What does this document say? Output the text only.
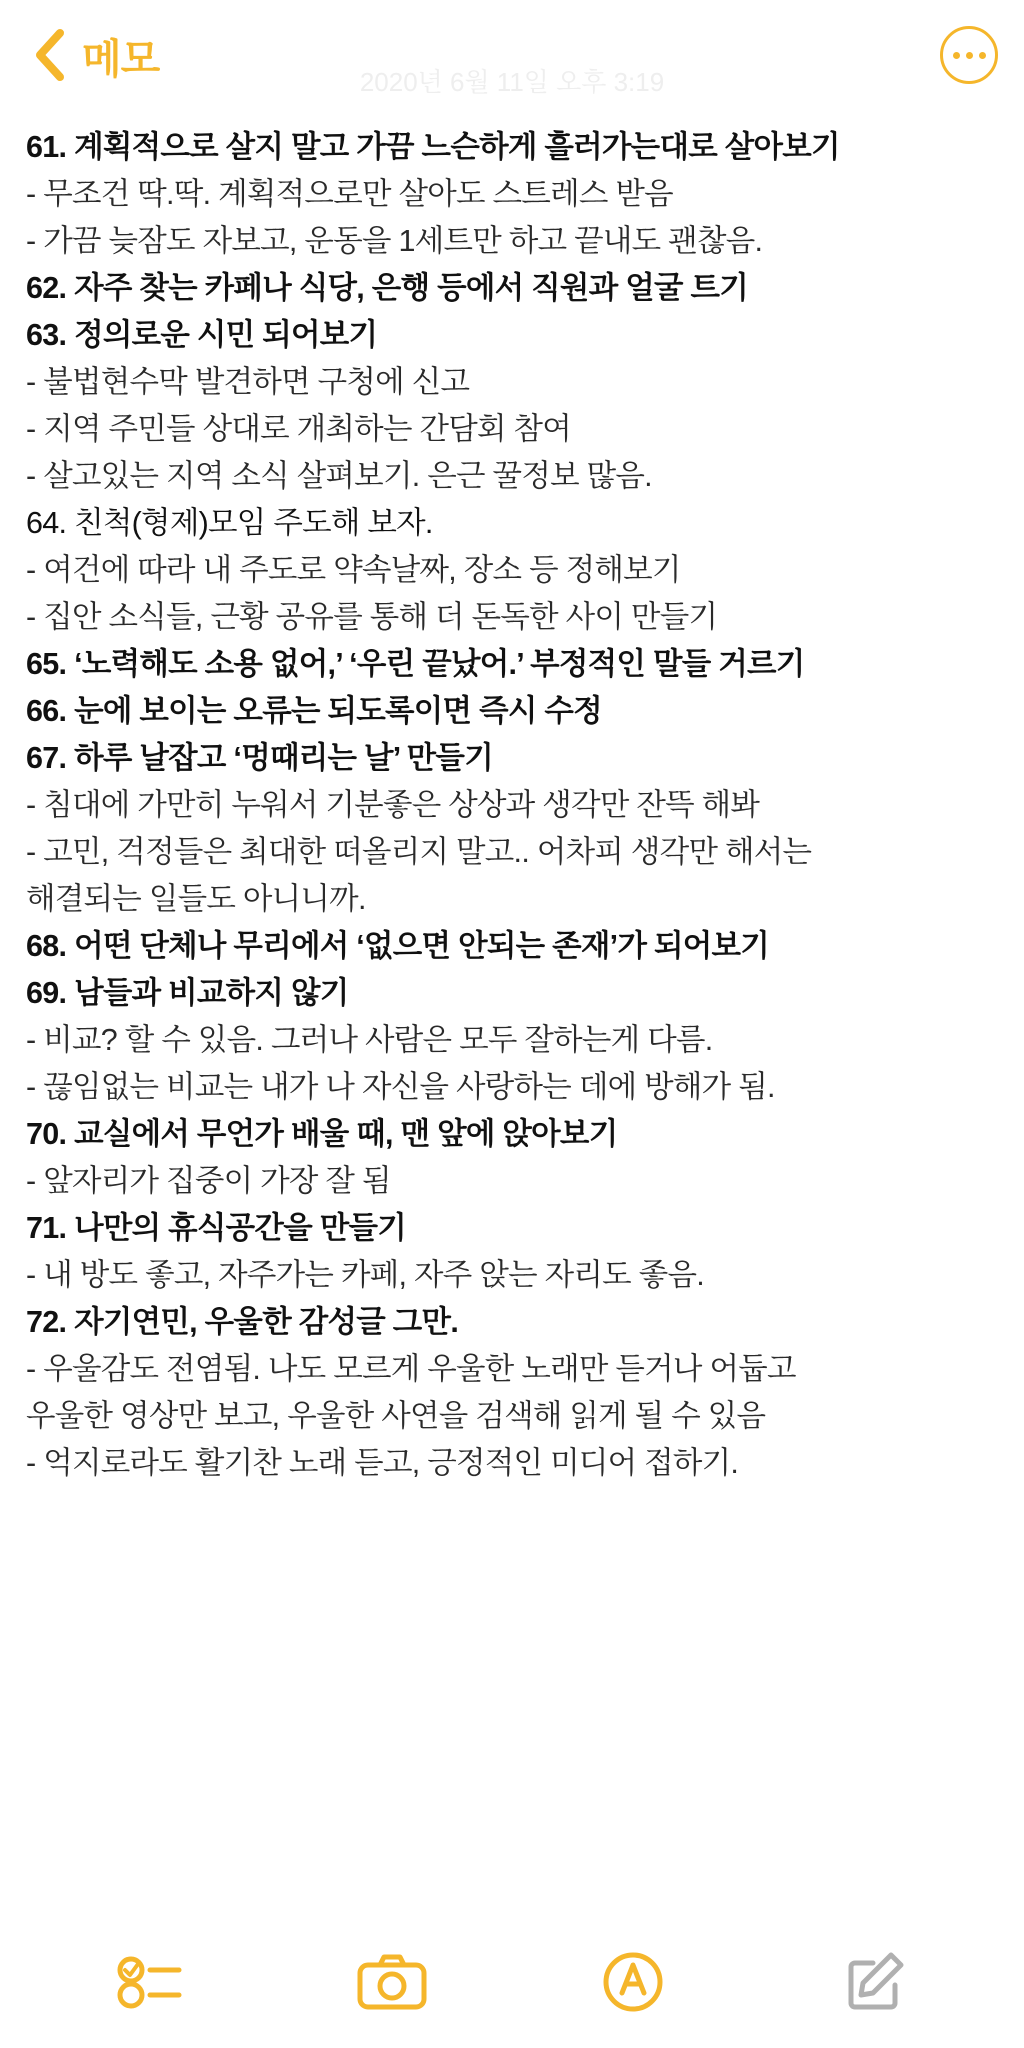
메모
2020년 6월 11일 오후 3:19
61. 계획적으로 살지 말고 가끔 느슨하게 흘러가는대로 살아보기
- 무조건 딱.딱. 계획적으로만 살아도 스트레스 받음
- 가끔 늦잠도 자보고, 운동을 1세트만 하고 끝내도 괜찮음.
62. 자주 찾는 카페나 식당, 은행 등에서 직원과 얼굴 트기
63. 정의로운 시민 되어보기
- 불법현수막 발견하면 구청에 신고
- 지역 주민들 상대로 개최하는 간담회 참여
- 살고있는 지역 소식 살펴보기. 은근 꿀정보 많음.
64. 친척(형제)모임 주도해 보자.
- 여건에 따라 내 주도로 약속날짜, 장소 등 정해보기
- 집안 소식들, 근황 공유를 통해 더 돈독한 사이 만들기
65. ‘노력해도 소용 없어,’ ‘우린 끝났어.’ 부정적인 말들 거르기
66. 눈에 보이는 오류는 되도록이면 즉시 수정
67. 하루 날잡고 ‘멍때리는 날’ 만들기
- 침대에 가만히 누워서 기분좋은 상상과 생각만 잔뜩 해봐
- 고민, 걱정들은 최대한 떠올리지 말고.. 어차피 생각만 해서는
해결되는 일들도 아니니까.
68. 어떤 단체나 무리에서 ‘없으면 안되는 존재’가 되어보기
69. 남들과 비교하지 않기
- 비교? 할 수 있음. 그러나 사람은 모두 잘하는게 다름.
- 끊임없는 비교는 내가 나 자신을 사랑하는 데에 방해가 됨.
70. 교실에서 무언가 배울 때, 맨 앞에 앉아보기
- 앞자리가 집중이 가장 잘 됨
71. 나만의 휴식공간을 만들기
- 내 방도 좋고, 자주가는 카페, 자주 앉는 자리도 좋음.
72. 자기연민, 우울한 감성글 그만.
- 우울감도 전염됨. 나도 모르게 우울한 노래만 듣거나 어둡고
우울한 영상만 보고, 우울한 사연을 검색해 읽게 될 수 있음
- 억지로라도 활기찬 노래 듣고, 긍정적인 미디어 접하기.
